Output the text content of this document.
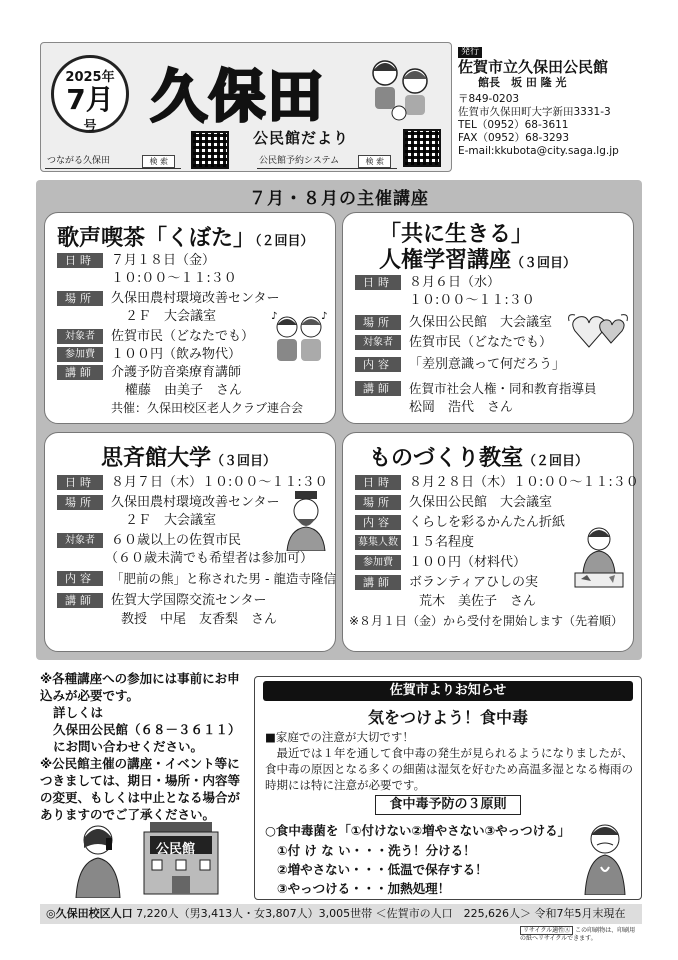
2025年
7月
号 久保田
公民館だより
つながる久保田	検 索	公民館予約システム	検 索
発行
佐賀市立久保田公民館
館長　坂 田 隆 光
〒849-0203
佐賀市久保田町大字新田3331-3
TEL（0952）68-3611
FAX（0952）68-3293
E-mail:kkubota@city.saga.lg.jp
７月・８月の主催講座
歌声喫茶「くぼた」（２回目）
日時	７月１８日（金）
１０:００～１１:３０
場所	久保田農村環境改善センター
２Ｆ　大会議室
対象者	佐賀市民（どなたでも）
参加費	１００円（飲み物代）
講師	介護予防音楽療育講師
權藤　由美子　さん
共催：久保田校区老人クラブ連合会
♪	♪
「共に生きる」
人権学習講座（３回目）
日時	８月６日（水）
１０:００～１１:３０
場所	久保田公民館　大会議室
対象者	佐賀市民（どなたでも）
内容	「差別意識って何だろう」
講師	佐賀市社会人権・同和教育指導員
松岡　浩代　さん
思斉館大学（３回目）
日時	８月７日（木）１０:００～１１:３０
場所	久保田農村環境改善センター
２Ｆ　大会議室
対象者	６０歳以上の佐賀市民
（６０歳未満でも希望者は参加可）
内容	「肥前の熊」と称された男 - 龍造寺隆信
講師	佐賀大学国際交流センター
教授　中尾　友香梨　さん
ものづくり教室（２回目）
日時	８月２８日（木）１０:００～１１:３０
場所	久保田公民館　大会議室
内容	くらしを彩るかんたん折紙
募集人数 １５名程度
参加費	１００円（材料代）
講師	ボランティアひしの実
荒木　美佐子　さん
※８月１日（金）から受付を開始します（先着順）

※各種講座への参加には事前にお申込みが必要です。

詳しくは

久保田公民館（６８－３６１１）

にお問い合わせください。

※公民館主催の講座・イベント等につきましては、期日・場所・内容等の変更、もしくは中止となる場合がありますのでご了承ください。

公民館
佐賀市よりお知らせ
気をつけよう！食中毒
■家庭での注意が大切です！
　最近では１年を通して食中毒の発生が見られるようになりましたが、食中毒の原因となる多くの細菌は湿気を好むため高温多湿となる梅雨の時期には特に注意が必要です。
食中毒予防の３原則
○食中毒菌を「①付けない②増やさない③やっつける」
①付 け な い・・・洗う！分ける！
②増やさない・・・低温で保存する！
③やっつける・・・加熱処理！
◎久保田校区人口 7,220人（男3,413人・女3,807人）3,005世帯 ＜佐賀市の人口　225,626人＞ 令和7年5月末現在
リサイクル適性Ⓐ この印刷物は、印刷用の紙へリサイクルできます。
